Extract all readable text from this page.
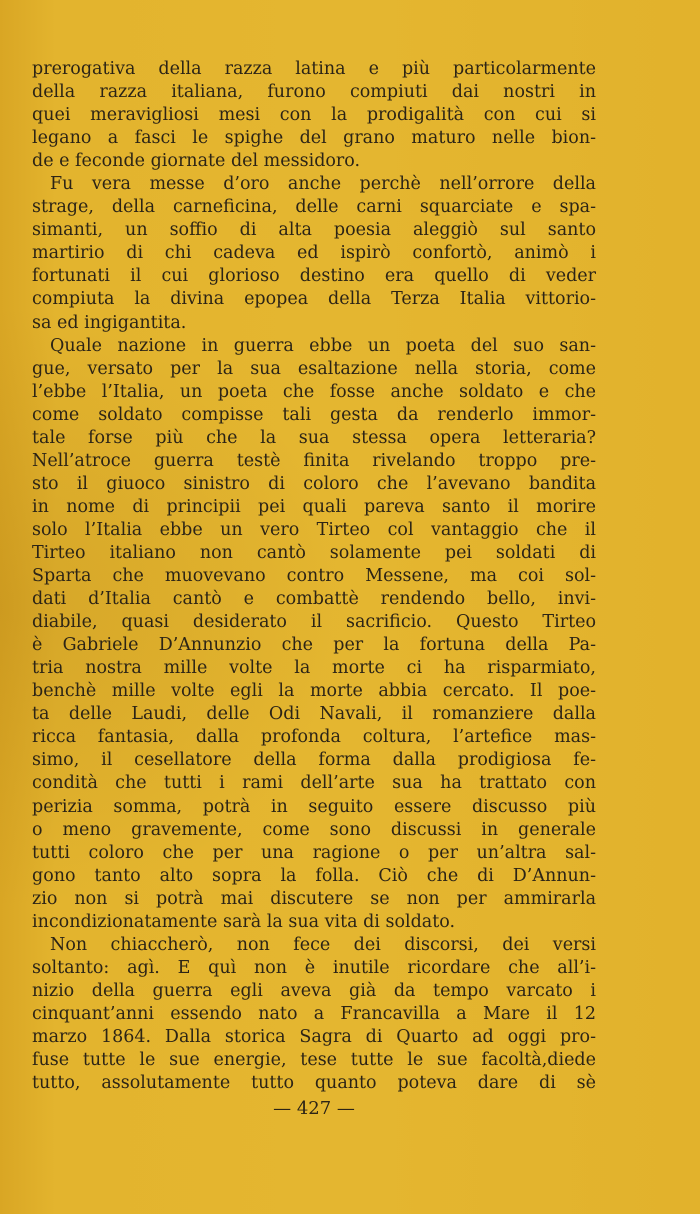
prerogativa della razza latina e più particolarmente
della razza italiana, furono compiuti dai nostri in
quei meravigliosi mesi con la prodigalità con cui si
legano a fasci le spighe del grano maturo nelle bion-
de e feconde giornate del messidoro.
Fu vera messe d’oro anche perchè nell’orrore della
strage, della carneficina, delle carni squarciate e spa-
simanti, un soffio di alta poesia aleggiò sul santo
martirio di chi cadeva ed ispirò confortò, animò i
fortunati il cui glorioso destino era quello di veder
compiuta la divina epopea della Terza Italia vittorio-
sa ed ingigantita.
Quale nazione in guerra ebbe un poeta del suo san-
gue, versato per la sua esaltazione nella storia, come
l’ebbe l’Italia, un poeta che fosse anche soldato e che
come soldato compisse tali gesta da renderlo immor-
tale forse più che la sua stessa opera letteraria?
Nell’atroce guerra testè finita rivelando troppo pre-
sto il giuoco sinistro di coloro che l’avevano bandita
in nome di principii pei quali pareva santo il morire
solo l’Italia ebbe un vero Tirteo col vantaggio che il
Tirteo italiano non cantò solamente pei soldati di
Sparta che muovevano contro Messene, ma coi sol-
dati d’Italia cantò e combattè rendendo bello, invi-
diabile, quasi desiderato il sacrificio. Questo Tirteo
è Gabriele D’Annunzio che per la fortuna della Pa-
tria nostra mille volte la morte ci ha risparmiato,
benchè mille volte egli la morte abbia cercato. Il poe-
ta delle Laudi, delle Odi Navali, il romanziere dalla
ricca fantasia, dalla profonda coltura, l’artefice mas-
simo, il cesellatore della forma dalla prodigiosa fe-
condità che tutti i rami dell’arte sua ha trattato con
perizia somma, potrà in seguito essere discusso più
o meno gravemente, come sono discussi in generale
tutti coloro che per una ragione o per un’altra sal-
gono tanto alto sopra la folla. Ciò che di D’Annun-
zio non si potrà mai discutere se non per ammirarla
incondizionatamente sarà la sua vita di soldato.
Non chiaccherò, non fece dei discorsi, dei versi
soltanto: agì. E quì non è inutile ricordare che all’i-
nizio della guerra egli aveva già da tempo varcato i
cinquant’anni essendo nato a Francavilla a Mare il 12
marzo 1864. Dalla storica Sagra di Quarto ad oggi pro-
fuse tutte le sue energie, tese tutte le sue facoltà,diede
tutto, assolutamente tutto quanto poteva dare di sè
— 427 —
